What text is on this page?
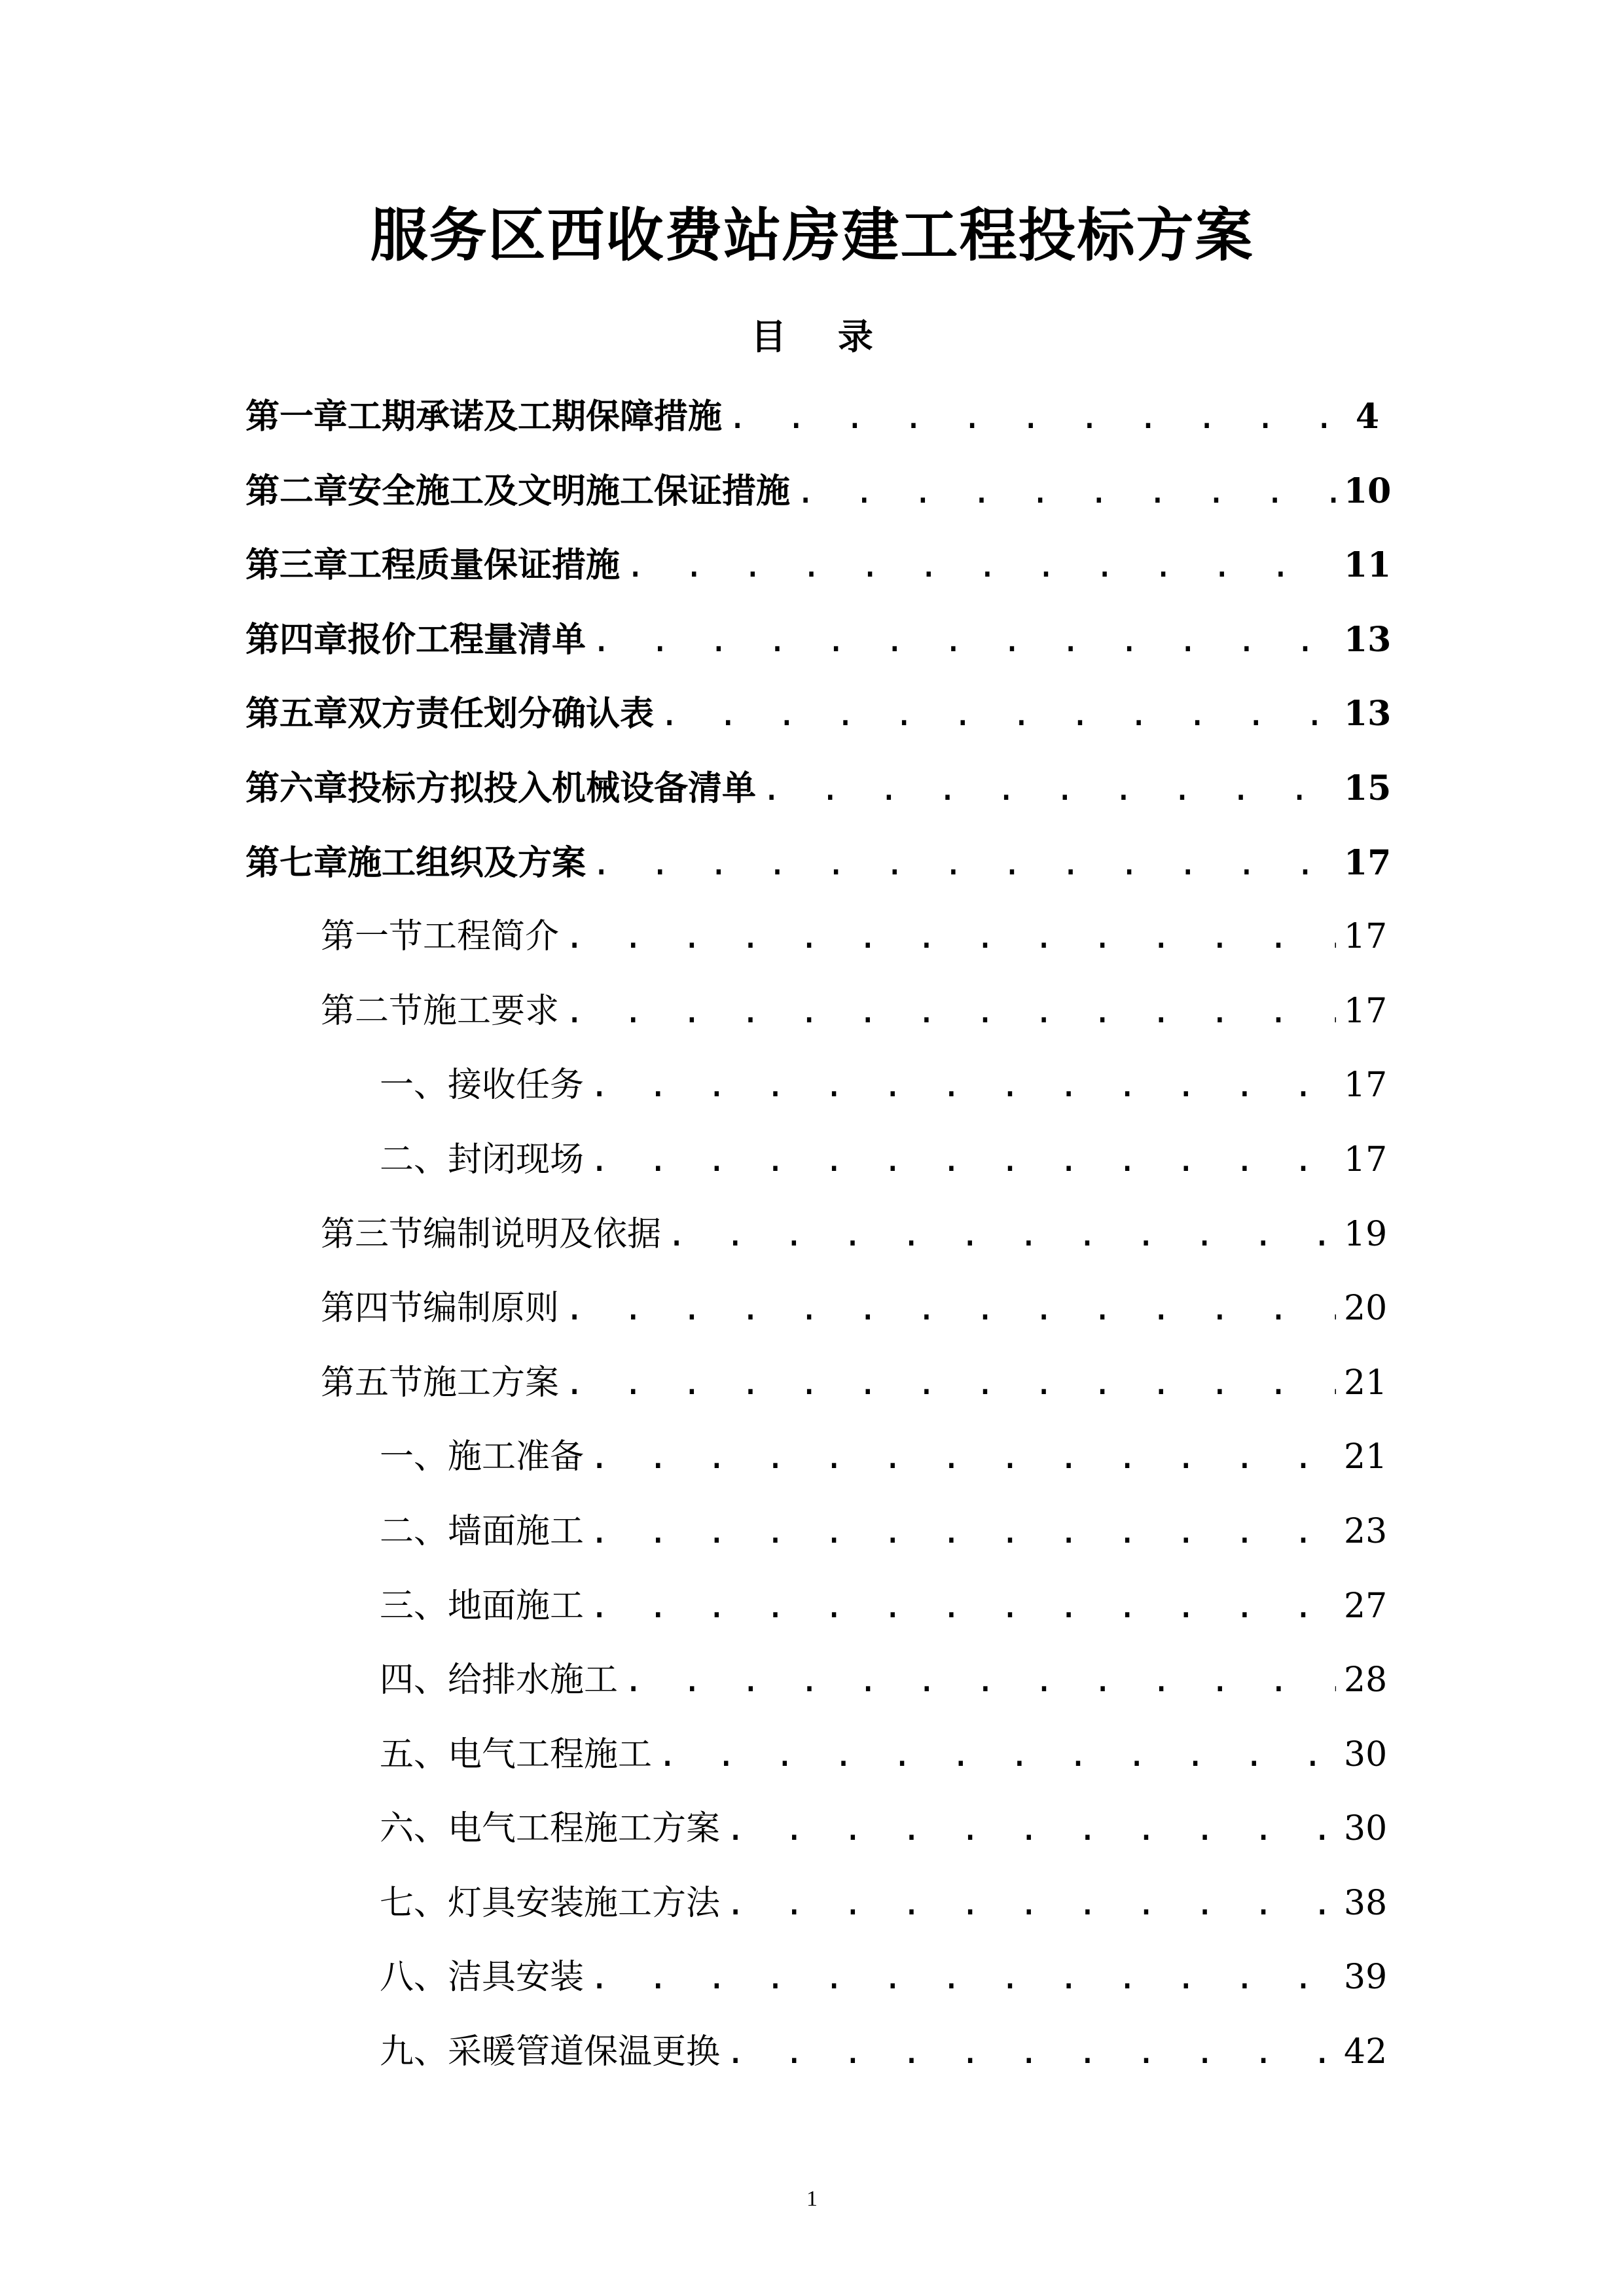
服务区西收费站房建工程投标方案
目 录
第一章 工期承诺及工期保障措施 . . .	4
第二章 安全施工及文明施工保证措施 . . .	10
第三章 工程质量保证措施 . . .	11
第四章 报价工程量清单 . . .	13
第五章 双方责任划分确认表 . . .	13
第六章 投标方拟投入机械设备清单 . . .	15
第七章 施工组织及方案 . . .	17
第一节 工程简介 . . .	17
第二节 施工要求 . . .	17
一、 接收任务 . . .	17
二、 封闭现场 . . .	17
第三节 编制说明及依据 . . .	19
第四节 编制原则 . . .	20
第五节 施工方案 . . .	21
一、 施工准备 . . .	21
二、 墙面施工 . . .	23
三、 地面施工 . . .	27
四、 给排水施工 . . .	28
五、 电气工程施工 . . .	30
六、 电气工程施工方案 . . .	30
七、 灯具安装施工方法 . . .	38
八、 洁具安装 . . .	39
九、 采暖管道保温更换 . . .	42
1
